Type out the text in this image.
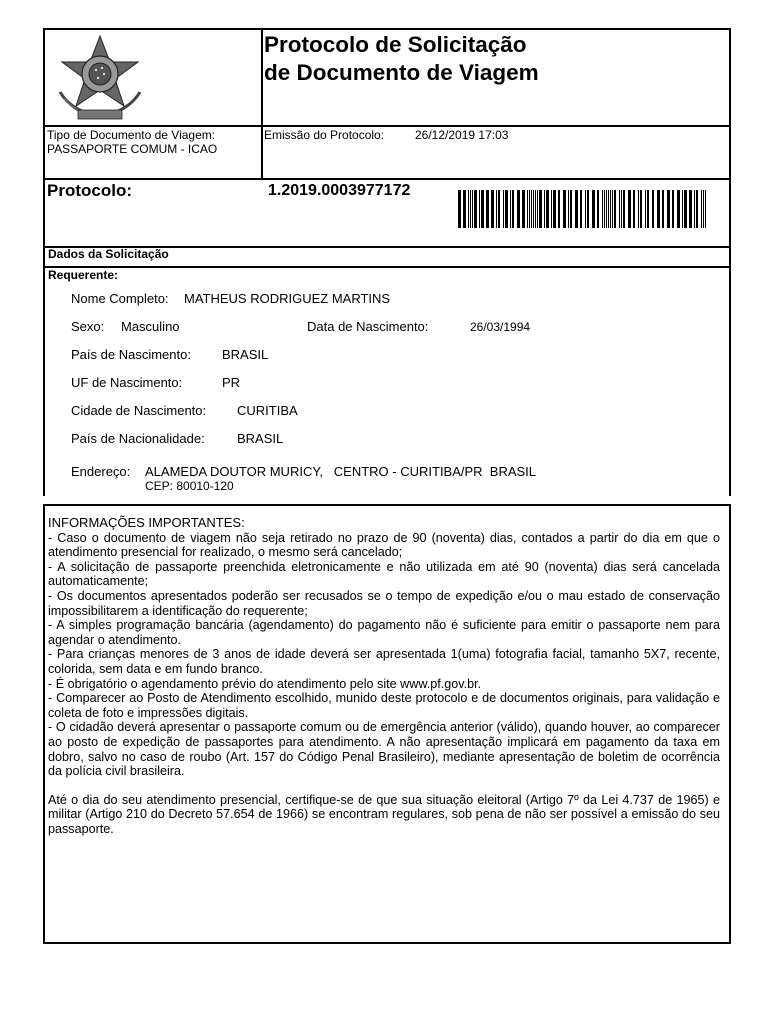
Protocolo de Solicitação
de Documento de Viagem
Tipo de Documento de Viagem:
PASSAPORTE COMUM - ICAO
Emissão do Protocolo:	26/12/2019 17:03
Protocolo:	1.2019.0003977172
Dados da Solicitação
Requerente:
Nome Completo: MATHEUS RODRIGUEZ MARTINS
Sexo: Masculino	Data de Nascimento:	26/03/1994
País de Nascimento: BRASIL
UF de Nascimento:	PR
Cidade de Nascimento: CURITIBA
País de Nacionalidade: BRASIL
Endereço: ALAMEDA DOUTOR MURICY,   CENTRO - CURITIBA/PR  BRASIL
CEP: 80010-120
INFORMAÇÕES IMPORTANTES:
- Caso o documento de viagem não seja retirado no prazo de 90 (noventa) dias, contados a partir do dia em que o atendimento presencial for realizado, o mesmo será cancelado;
- A solicitação de passaporte preenchida eletronicamente e não utilizada em até 90 (noventa) dias será cancelada automaticamente;
- Os documentos apresentados poderão ser recusados se o tempo de expedição e/ou o mau estado de conservação impossibilitarem a identificação do requerente;
- A simples programação bancária (agendamento) do pagamento não é suficiente para emitir o passaporte nem para agendar o atendimento.
- Para crianças menores de 3 anos de idade deverá ser apresentada 1(uma) fotografia facial, tamanho 5X7, recente, colorida, sem data e em fundo branco.
- É obrigatório o agendamento prévio do atendimento pelo site www.pf.gov.br.
- Comparecer ao Posto de Atendimento escolhido, munido deste protocolo e de documentos originais, para validação e coleta de foto e impressões digitais.
- O cidadão deverá apresentar o passaporte comum ou de emergência anterior (válido), quando houver, ao comparecer ao posto de expedição de passaportes para atendimento. A não apresentação implicará em pagamento da taxa em dobro, salvo no caso de roubo (Art. 157 do Código Penal Brasileiro), mediante apresentação de boletim de ocorrência da polícia civil brasileira.
Até o dia do seu atendimento presencial, certifique-se de que sua situação eleitoral (Artigo 7º da Lei 4.737 de 1965) e militar (Artigo 210 do Decreto 57.654 de 1966) se encontram regulares, sob pena de não ser possível a emissão do seu passaporte.
